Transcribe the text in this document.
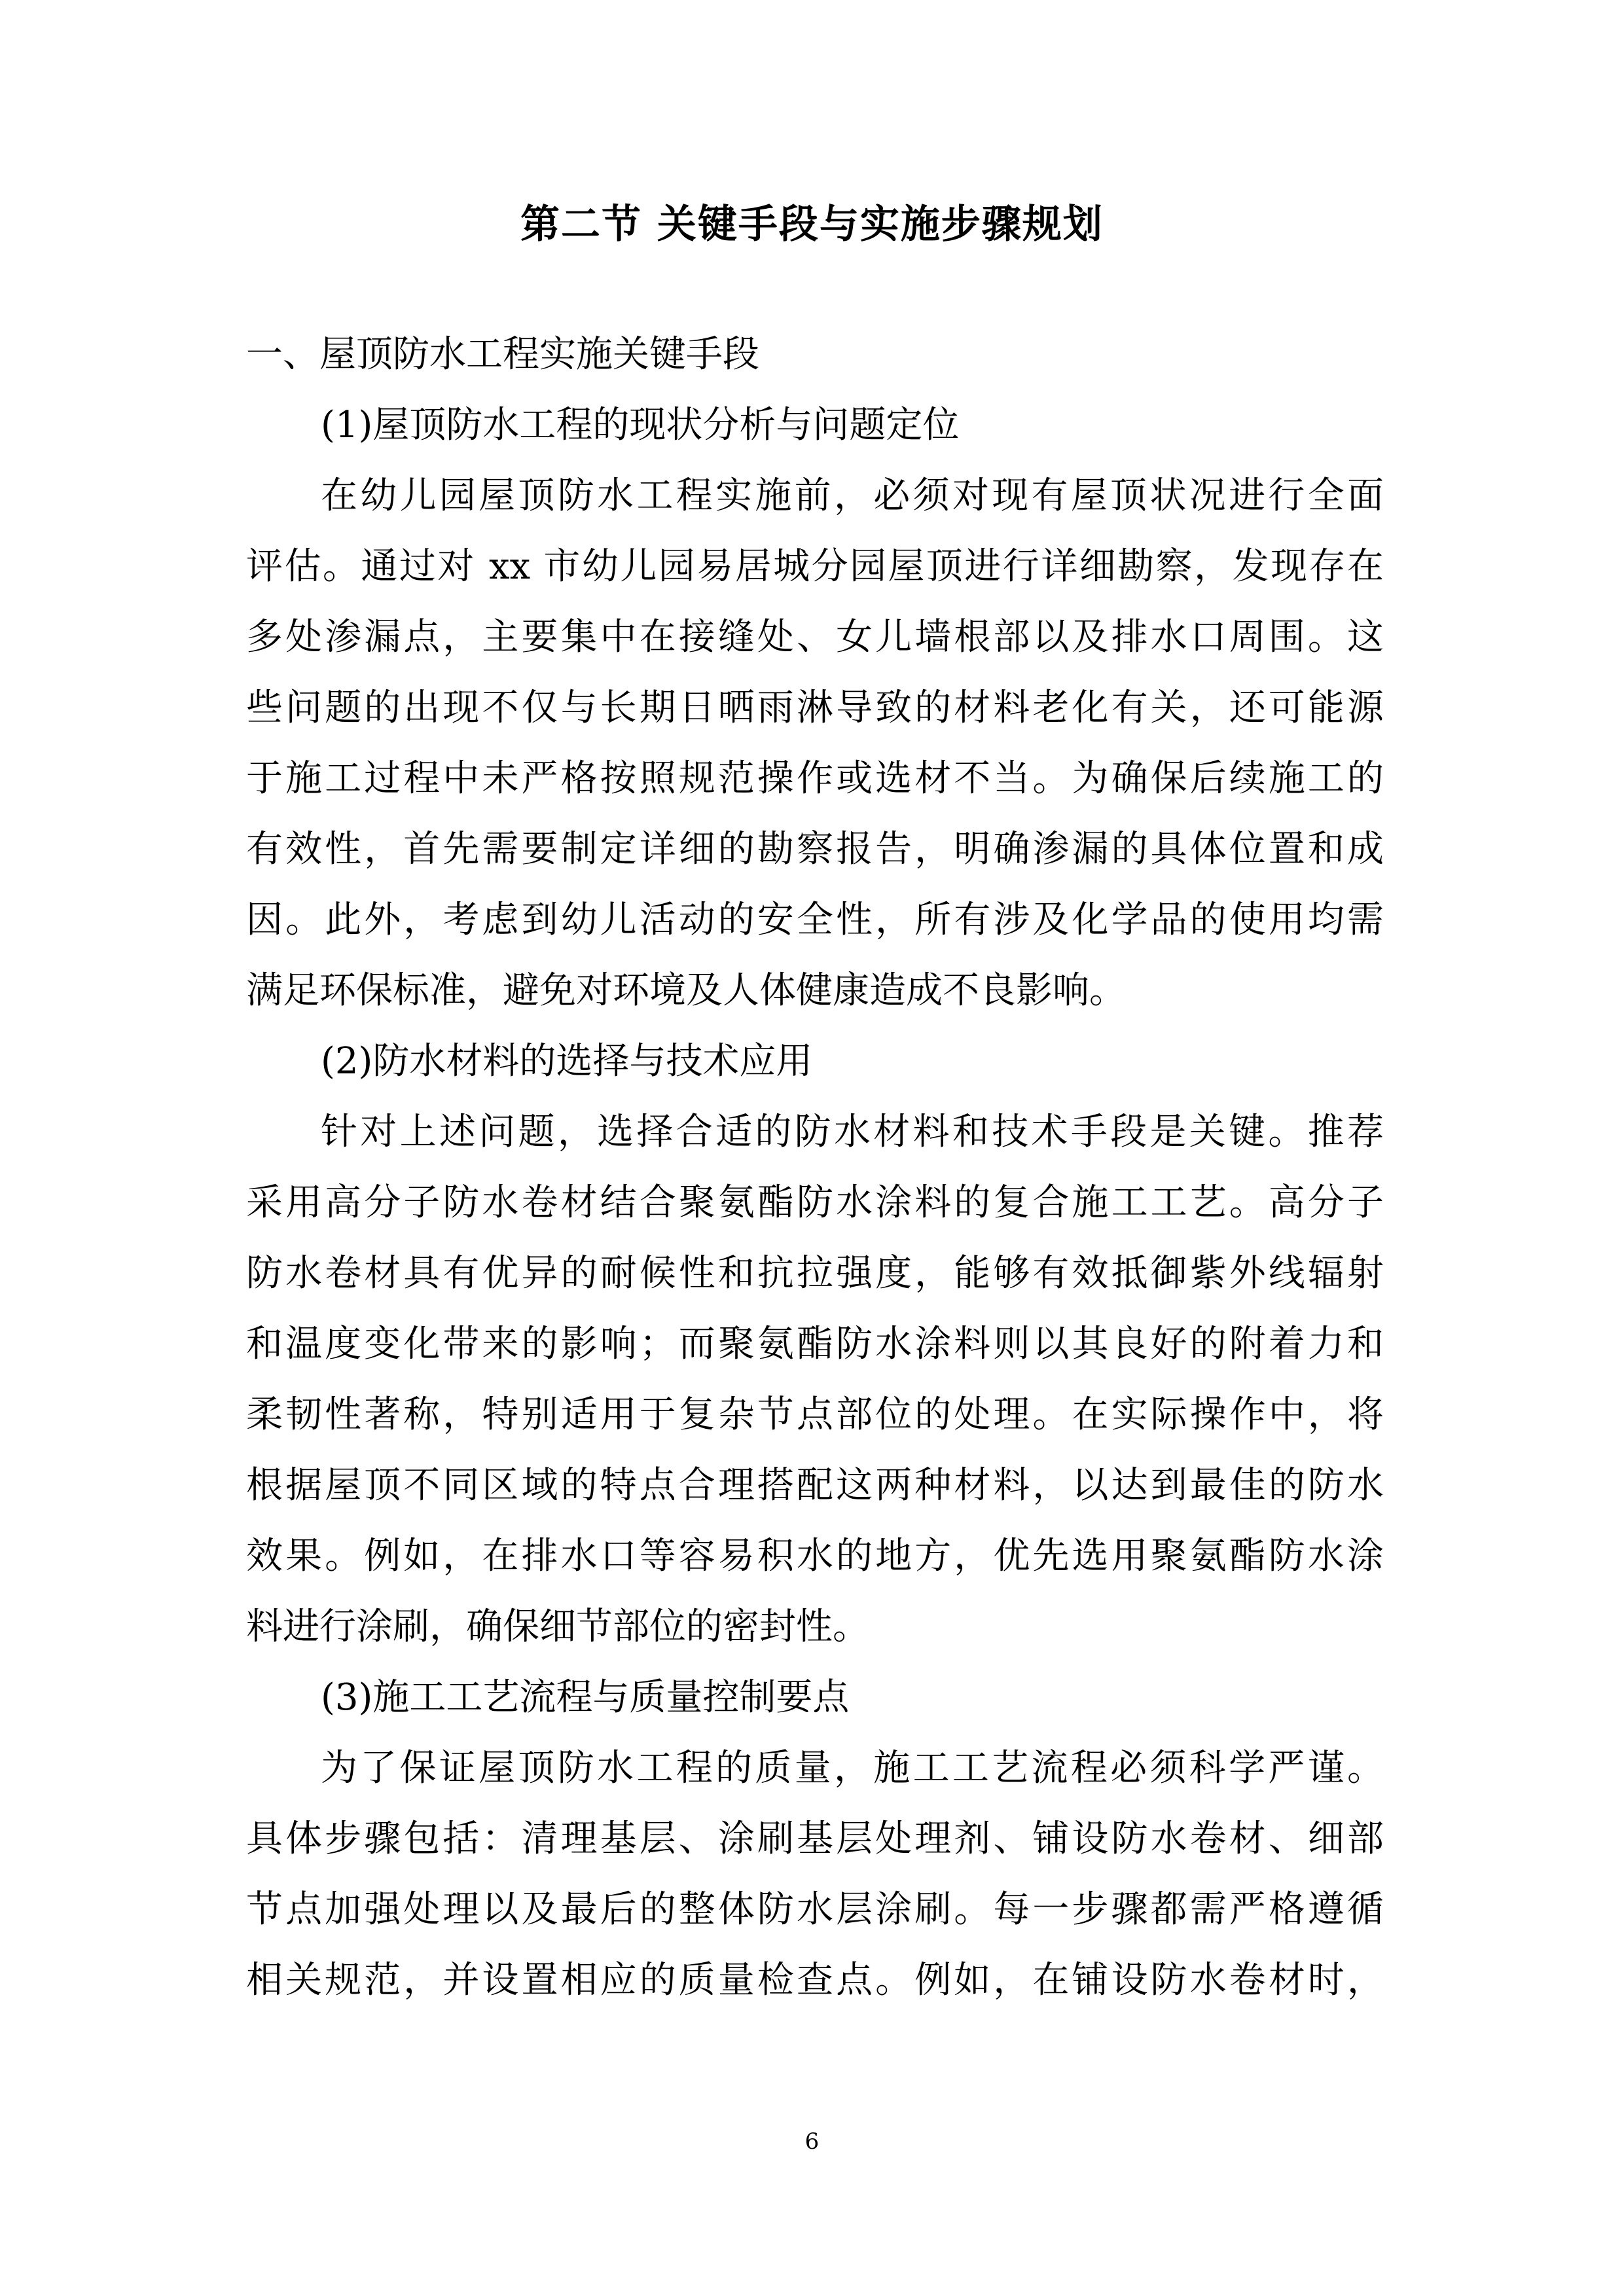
第二节 关键手段与实施步骤规划

一、屋顶防水工程实施关键手段

(1)屋顶防水工程的现状分析与问题定位

在幼儿园屋顶防水工程实施前，必须对现有屋顶状况进行全面

评估。通过对 xx 市幼儿园易居城分园屋顶进行详细勘察，发现存在

多处渗漏点，主要集中在接缝处、女儿墙根部以及排水口周围。这

些问题的出现不仅与长期日晒雨淋导致的材料老化有关，还可能源

于施工过程中未严格按照规范操作或选材不当。为确保后续施工的

有效性，首先需要制定详细的勘察报告，明确渗漏的具体位置和成

因。此外，考虑到幼儿活动的安全性，所有涉及化学品的使用均需

满足环保标准，避免对环境及人体健康造成不良影响。

(2)防水材料的选择与技术应用

针对上述问题，选择合适的防水材料和技术手段是关键。推荐

采用高分子防水卷材结合聚氨酯防水涂料的复合施工工艺。高分子

防水卷材具有优异的耐候性和抗拉强度，能够有效抵御紫外线辐射

和温度变化带来的影响；而聚氨酯防水涂料则以其良好的附着力和

柔韧性著称，特别适用于复杂节点部位的处理。在实际操作中，将

根据屋顶不同区域的特点合理搭配这两种材料，以达到最佳的防水

效果。例如，在排水口等容易积水的地方，优先选用聚氨酯防水涂

料进行涂刷，确保细节部位的密封性。

(3)施工工艺流程与质量控制要点

为了保证屋顶防水工程的质量，施工工艺流程必须科学严谨。

具体步骤包括：清理基层、涂刷基层处理剂、铺设防水卷材、细部

节点加强处理以及最后的整体防水层涂刷。每一步骤都需严格遵循

相关规范，并设置相应的质量检查点。例如，在铺设防水卷材时，

6
